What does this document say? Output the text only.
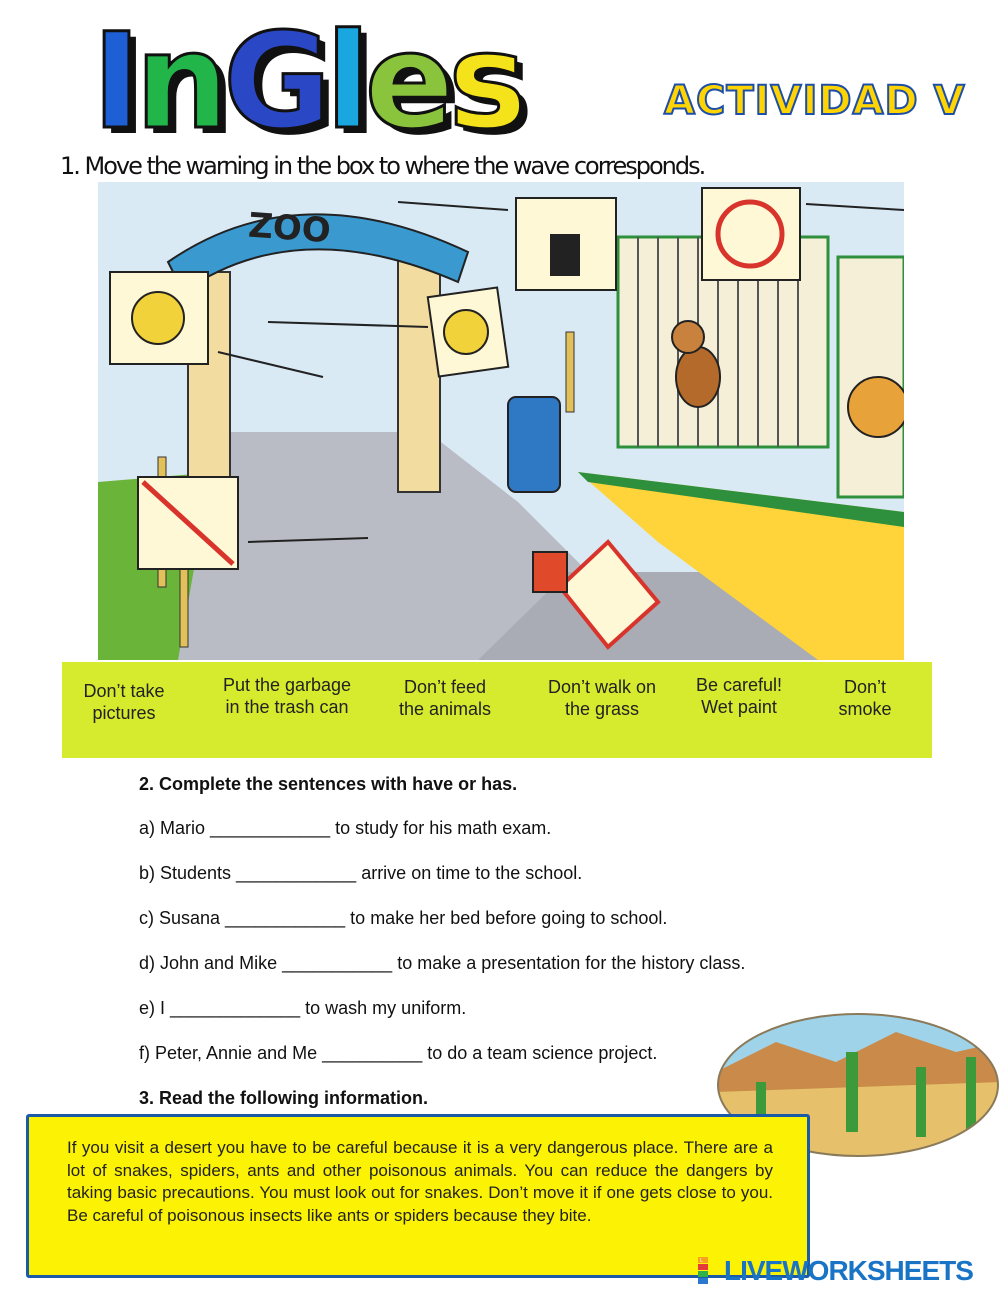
InGles	ACTIVIDAD V
1. Move the warning in the box to where the wave corresponds.
ZOO
Don’t take pictures
Put the garbage in the trash can
Don’t feed the animals
Don’t walk on the grass
Be careful! Wet paint
Don’t smoke
2. Complete the sentences with have or has.
a) Mario ____________ to study for his math exam.
b) Students ____________ arrive on time to the school.
c) Susana ____________ to make her bed before going to school.
d) John and Mike ___________ to make a presentation for the history class.
e) I _____________ to wash my uniform.
f) Peter, Annie and Me __________ to do a team science project.
3. Read the following information.
If you visit a desert you have to be careful because it is a very dangerous place. There are a lot of snakes, spiders, ants and other poisonous animals. You can reduce the dangers by taking basic precautions. You must look out for snakes. Don’t move it if one gets close to you. Be careful of poisonous insects like ants or spiders because they bite.
L LIVEWORKSHEETS
